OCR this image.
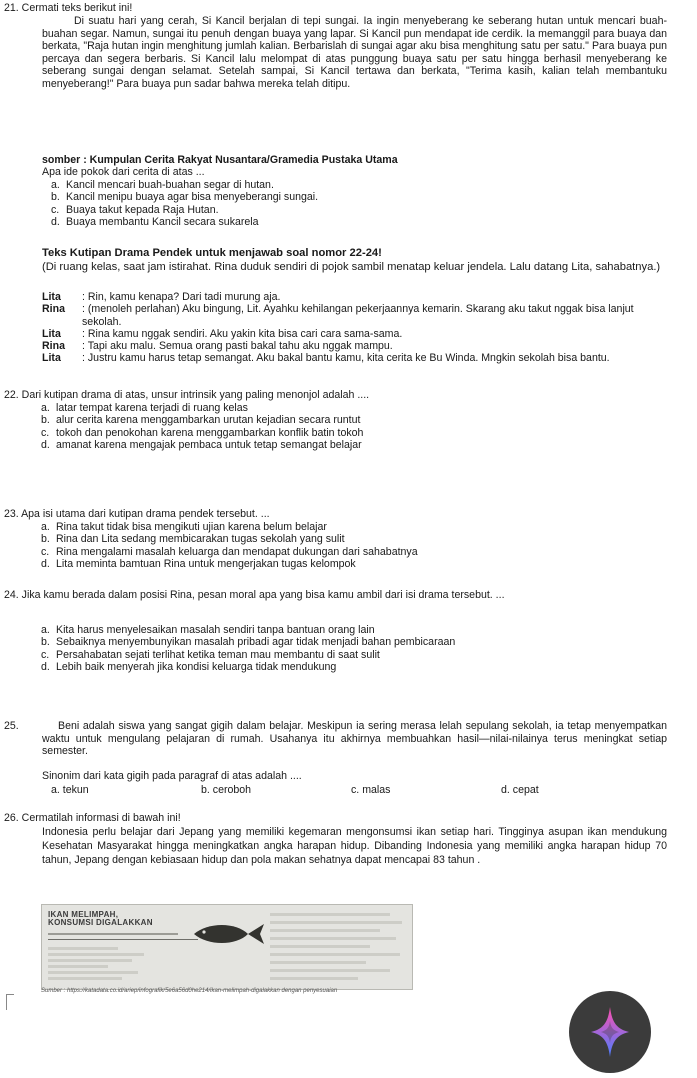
21. Cermati teks berikut ini!
Di suatu hari yang cerah, Si Kancil berjalan di tepi sungai. Ia ingin menyeberang ke seberang hutan untuk mencari buah-buahan segar. Namun, sungai itu penuh dengan buaya yang lapar. Si Kancil pun mendapat ide cerdik. Ia memanggil para buaya dan berkata, "Raja hutan ingin menghitung jumlah kalian. Berbarislah di sungai agar aku bisa menghitung satu per satu." Para buaya pun percaya dan segera berbaris. Si Kancil lalu melompat di atas punggung buaya satu per satu hingga berhasil menyeberang ke seberang sungai dengan selamat. Setelah sampai, Si Kancil tertawa dan berkata, "Terima kasih, kalian telah membantuku menyeberang!" Para buaya pun sadar bahwa mereka telah ditipu.
somber : Kumpulan Cerita Rakyat Nusantara/Gramedia Pustaka Utama
Apa ide pokok dari cerita di atas ...
a. Kancil mencari buah-buahan segar di hutan.
b. Kancil menipu buaya agar bisa menyeberangi sungai.
c. Buaya takut kepada Raja Hutan.
d. Buaya membantu Kancil secara sukarela
Teks Kutipan Drama Pendek untuk menjawab soal nomor 22-24!
(Di ruang kelas, saat jam istirahat. Rina duduk sendiri di pojok sambil menatap keluar jendela. Lalu datang Lita, sahabatnya.)
Lita : Rin, kamu kenapa? Dari tadi murung aja.
Rina : (menoleh perlahan) Aku bingung, Lit. Ayahku kehilangan pekerjaannya kemarin. Skarang aku takut nggak bisa lanjut sekolah.
Lita : Rina kamu nggak sendiri. Aku yakin kita bisa cari cara sama-sama.
Rina : Tapi aku malu. Semua orang pasti bakal tahu aku nggak mampu.
Lita : Justru kamu harus tetap semangat. Aku bakal bantu kamu, kita cerita ke Bu Winda. Mngkin sekolah bisa bantu.
22. Dari kutipan drama di atas, unsur intrinsik yang paling menonjol adalah ....
a. latar tempat karena terjadi di ruang kelas
b. alur cerita karena menggambarkan urutan kejadian secara runtut
c. tokoh dan penokohan karena menggambarkan konflik batin tokoh
d. amanat karena mengajak pembaca untuk tetap semangat belajar
23. Apa isi utama dari kutipan drama pendek tersebut. ...
a. Rina takut tidak bisa mengikuti ujian karena belum belajar
b. Rina dan Lita sedang membicarakan tugas sekolah yang sulit
c. Rina mengalami masalah keluarga dan mendapat dukungan dari sahabatnya
d. Lita meminta bamtuan Rina untuk mengerjakan tugas kelompok
24. Jika kamu berada dalam posisi Rina, pesan moral apa yang bisa kamu ambil dari isi drama tersebut. ...
a. Kita harus menyelesaikan masalah sendiri tanpa bantuan orang lain
b. Sebaiknya menyembunyikan masalah pribadi agar tidak menjadi bahan pembicaraan
c. Persahabatan sejati terlihat ketika teman mau membantu di saat sulit
d. Lebih baik menyerah jika kondisi keluarga tidak mendukung
25.	Beni adalah siswa yang sangat gigih dalam belajar. Meskipun ia sering merasa lelah sepulang sekolah, ia tetap menyempatkan waktu untuk mengulang pelajaran di rumah. Usahanya itu akhirnya membuahkan hasil—nilai-nilainya terus meningkat setiap semester.
Sinonim dari kata gigih pada paragraf di atas adalah ....
a. tekun	b. ceroboh	c. malas	d. cepat
26. Cermatilah informasi di bawah ini!
Indonesia perlu belajar dari Jepang yang memiliki kegemaran mengonsumsi ikan setiap hari. Tingginya asupan ikan mendukung Kesehatan Masyarakat hingga meningkatkan angka harapan hidup. Dibanding Indonesia yang memiliki angka harapan hidup 70 tahun, Jepang dengan kebiasaan hidup dan pola makan sehatnya dapat mencapai 83 tahun .
IKAN MELIMPAH, KONSUMSI DIGALAKKAN
Sumber : https://katadata.co.id/ariep/infografik/5e6a56d0he214/ikan-melimpah-digalakkan dengan penyesuaian
